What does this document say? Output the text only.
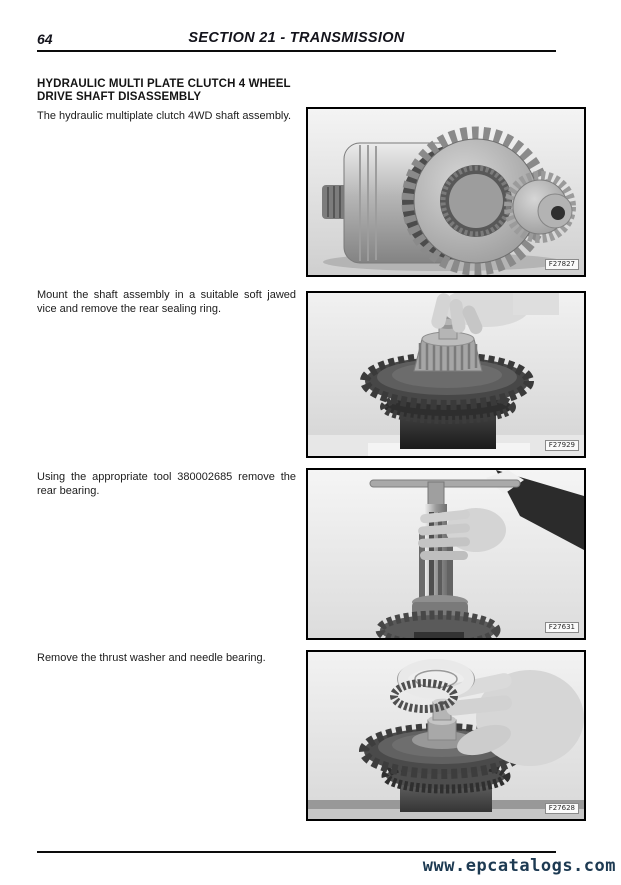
64	SECTION 21 - TRANSMISSION
HYDRAULIC MULTI PLATE CLUTCH 4 WHEEL
DRIVE SHAFT DISASSEMBLY

The hydraulic multiplate clutch 4WD shaft assembly.

Mount the shaft assembly in a suitable soft jawed vice and remove the rear sealing ring.

Using the appropriate tool 380002685 remove the rear bearing.

Remove the thrust washer and needle bearing.

F27827
F27929
F27631
F27628
www.epcatalogs.com
